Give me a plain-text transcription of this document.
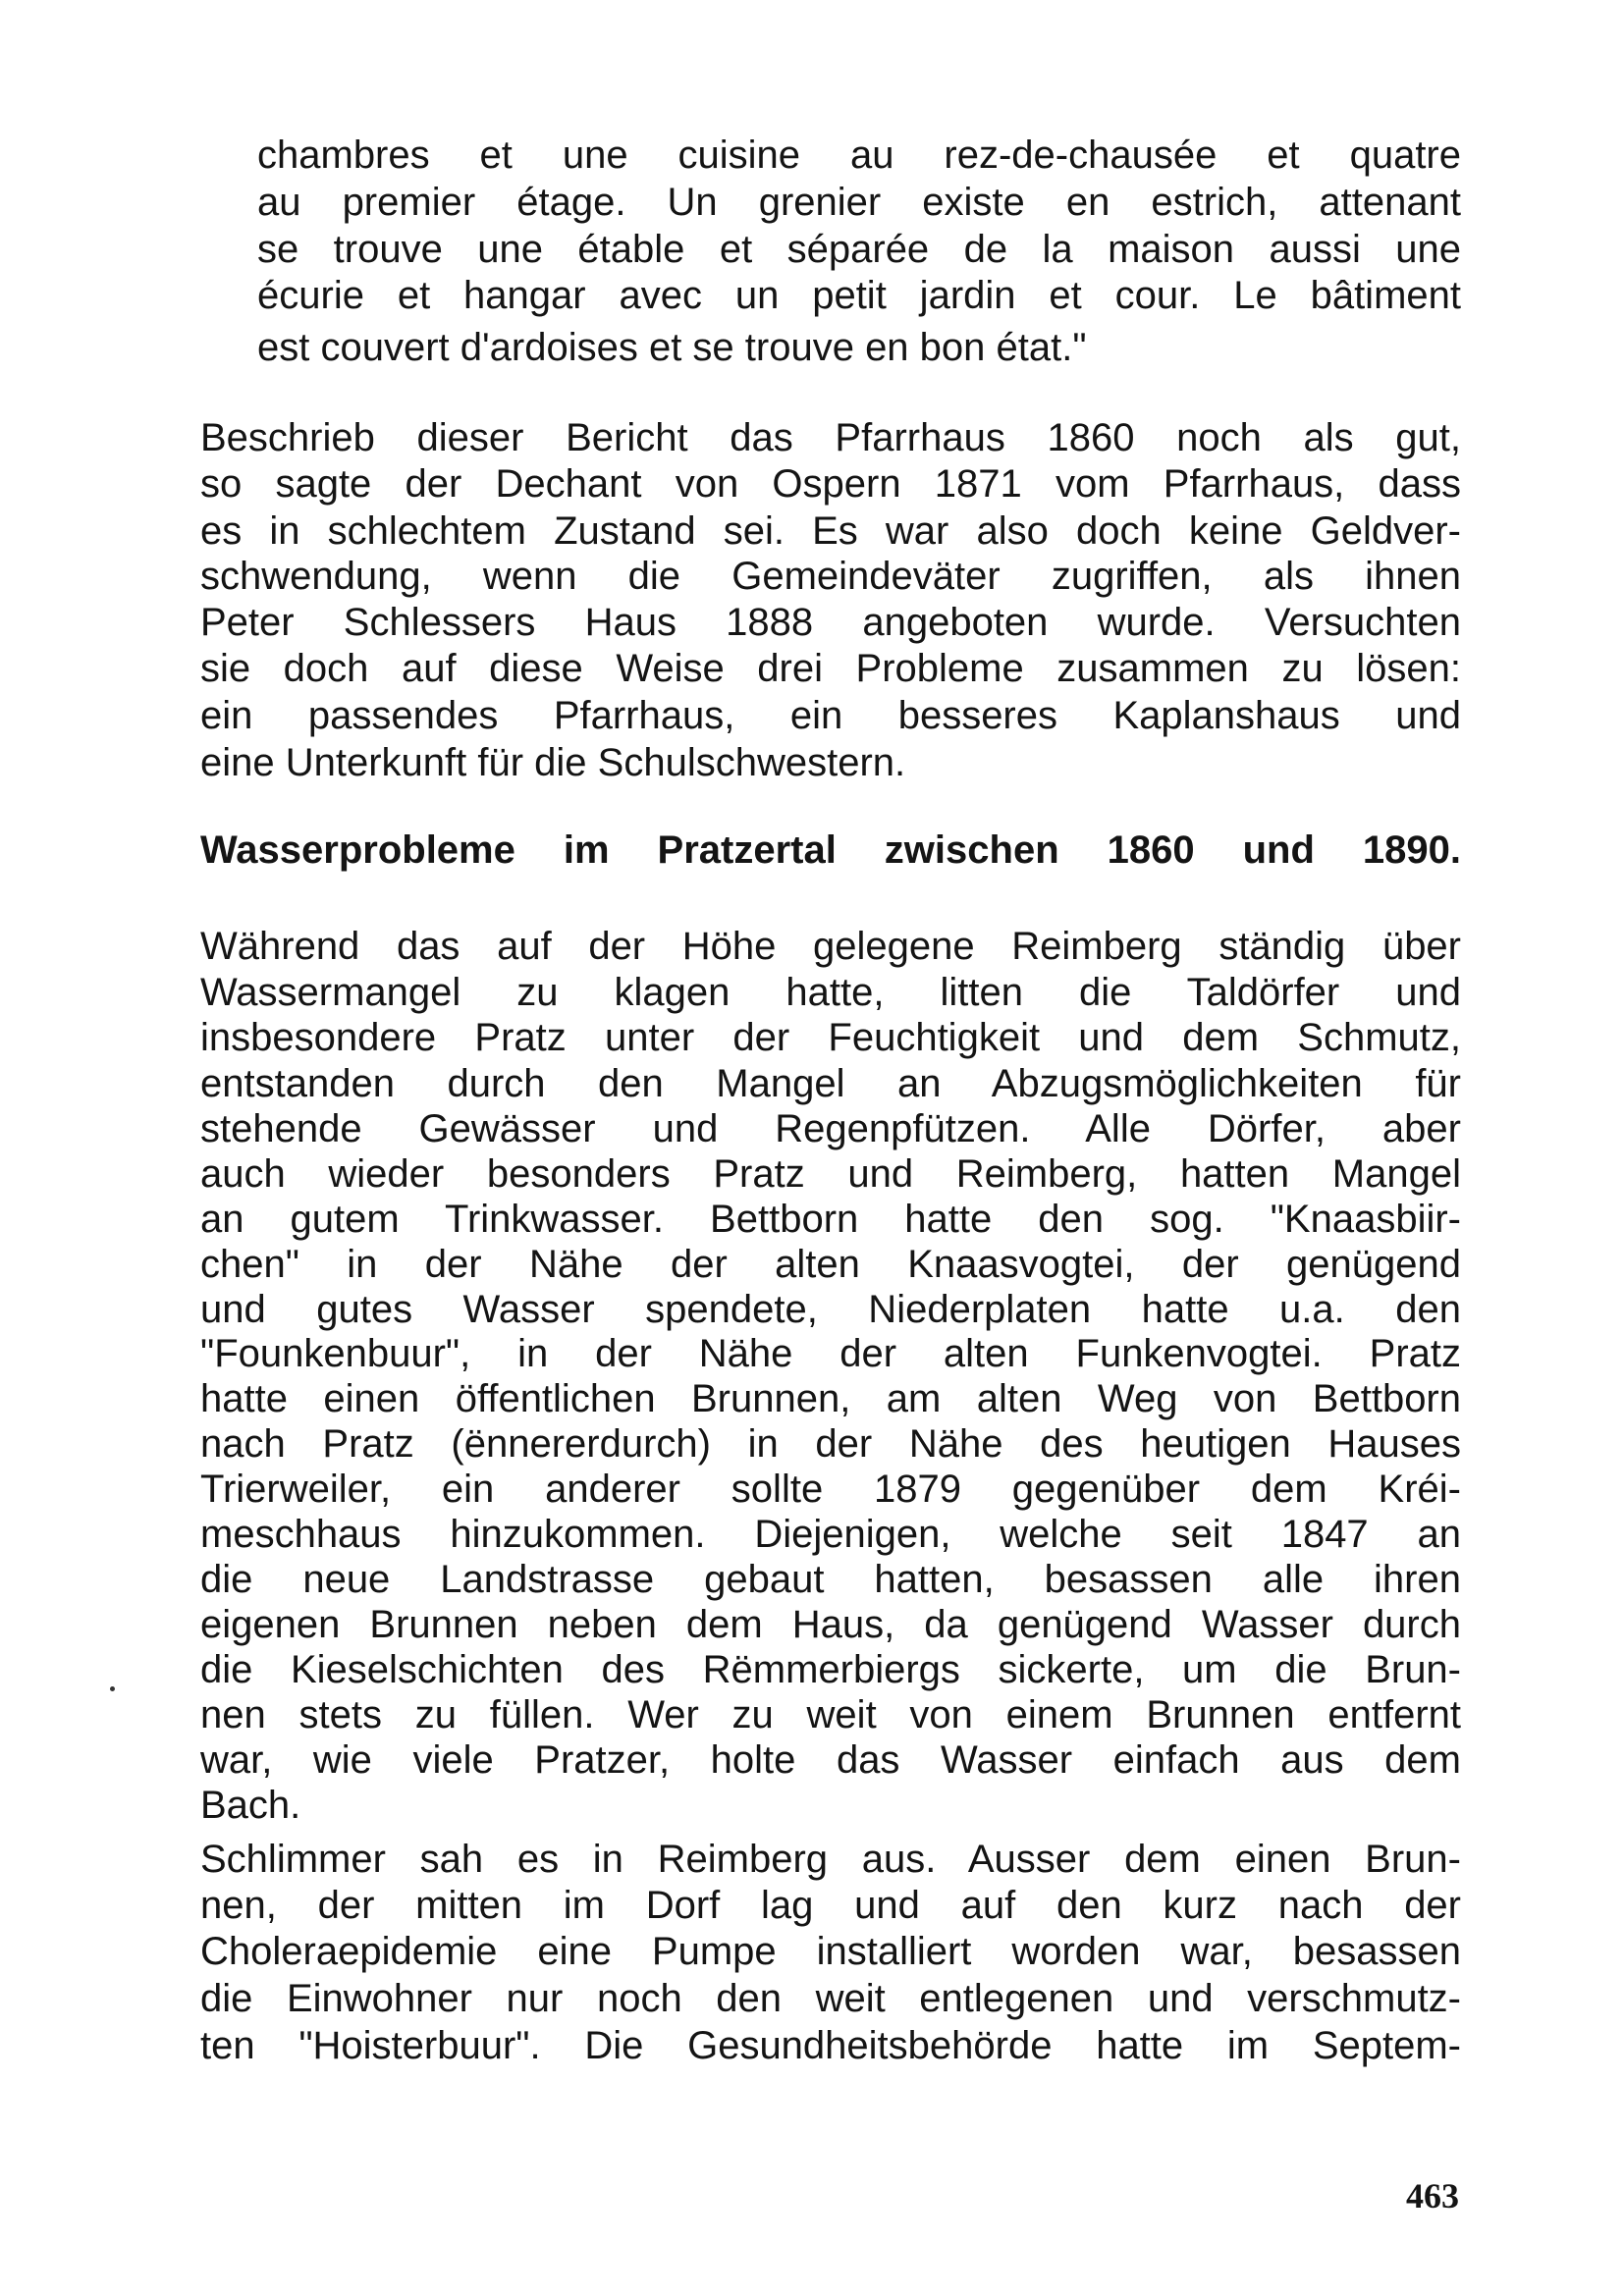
chambres et une cuisine au rez-de-chausée et quatre
au premier étage. Un grenier existe en estrich, attenant
se trouve une étable et séparée de la maison aussi une
écurie et hangar avec un petit jardin et cour. Le bâtiment
est couvert d'ardoises et se trouve en bon état."
Beschrieb dieser Bericht das Pfarrhaus 1860 noch als gut,
so sagte der Dechant von Ospern 1871 vom Pfarrhaus, dass
es in schlechtem Zustand sei. Es war also doch keine Geldver-
schwendung, wenn die Gemeindeväter zugriffen, als ihnen
Peter Schlessers Haus 1888 angeboten wurde. Versuchten
sie doch auf diese Weise drei Probleme zusammen zu lösen:
ein passendes Pfarrhaus, ein besseres Kaplanshaus und
eine Unterkunft für die Schulschwestern.
Wasserprobleme im Pratzertal zwischen 1860 und 1890.
Während das auf der Höhe gelegene Reimberg ständig über
Wassermangel zu klagen hatte, litten die Taldörfer und
insbesondere Pratz unter der Feuchtigkeit und dem Schmutz,
entstanden durch den Mangel an Abzugsmöglichkeiten für
stehende Gewässer und Regenpfützen. Alle Dörfer, aber
auch wieder besonders Pratz und Reimberg, hatten Mangel
an gutem Trinkwasser. Bettborn hatte den sog. "Knaasbiir-
chen" in der Nähe der alten Knaasvogtei, der genügend
und gutes Wasser spendete, Niederplaten hatte u.a. den
"Founkenbuur", in der Nähe der alten Funkenvogtei. Pratz
hatte einen öffentlichen Brunnen, am alten Weg von Bettborn
nach Pratz (ënnererdurch) in der Nähe des heutigen Hauses
Trierweiler, ein anderer sollte 1879 gegenüber dem Kréi-
meschhaus hinzukommen. Diejenigen, welche seit 1847 an
die neue Landstrasse gebaut hatten, besassen alle ihren
eigenen Brunnen neben dem Haus, da genügend Wasser durch
die Kieselschichten des Rëmmerbiergs sickerte, um die Brun-
nen stets zu füllen. Wer zu weit von einem Brunnen entfernt
war, wie viele Pratzer, holte das Wasser einfach aus dem
Bach.
Schlimmer sah es in Reimberg aus. Ausser dem einen Brun-
nen, der mitten im Dorf lag und auf den kurz nach der
Choleraepidemie eine Pumpe installiert worden war, besassen
die Einwohner nur noch den weit entlegenen und verschmutz-
ten "Hoisterbuur". Die Gesundheitsbehörde hatte im Septem-
463
